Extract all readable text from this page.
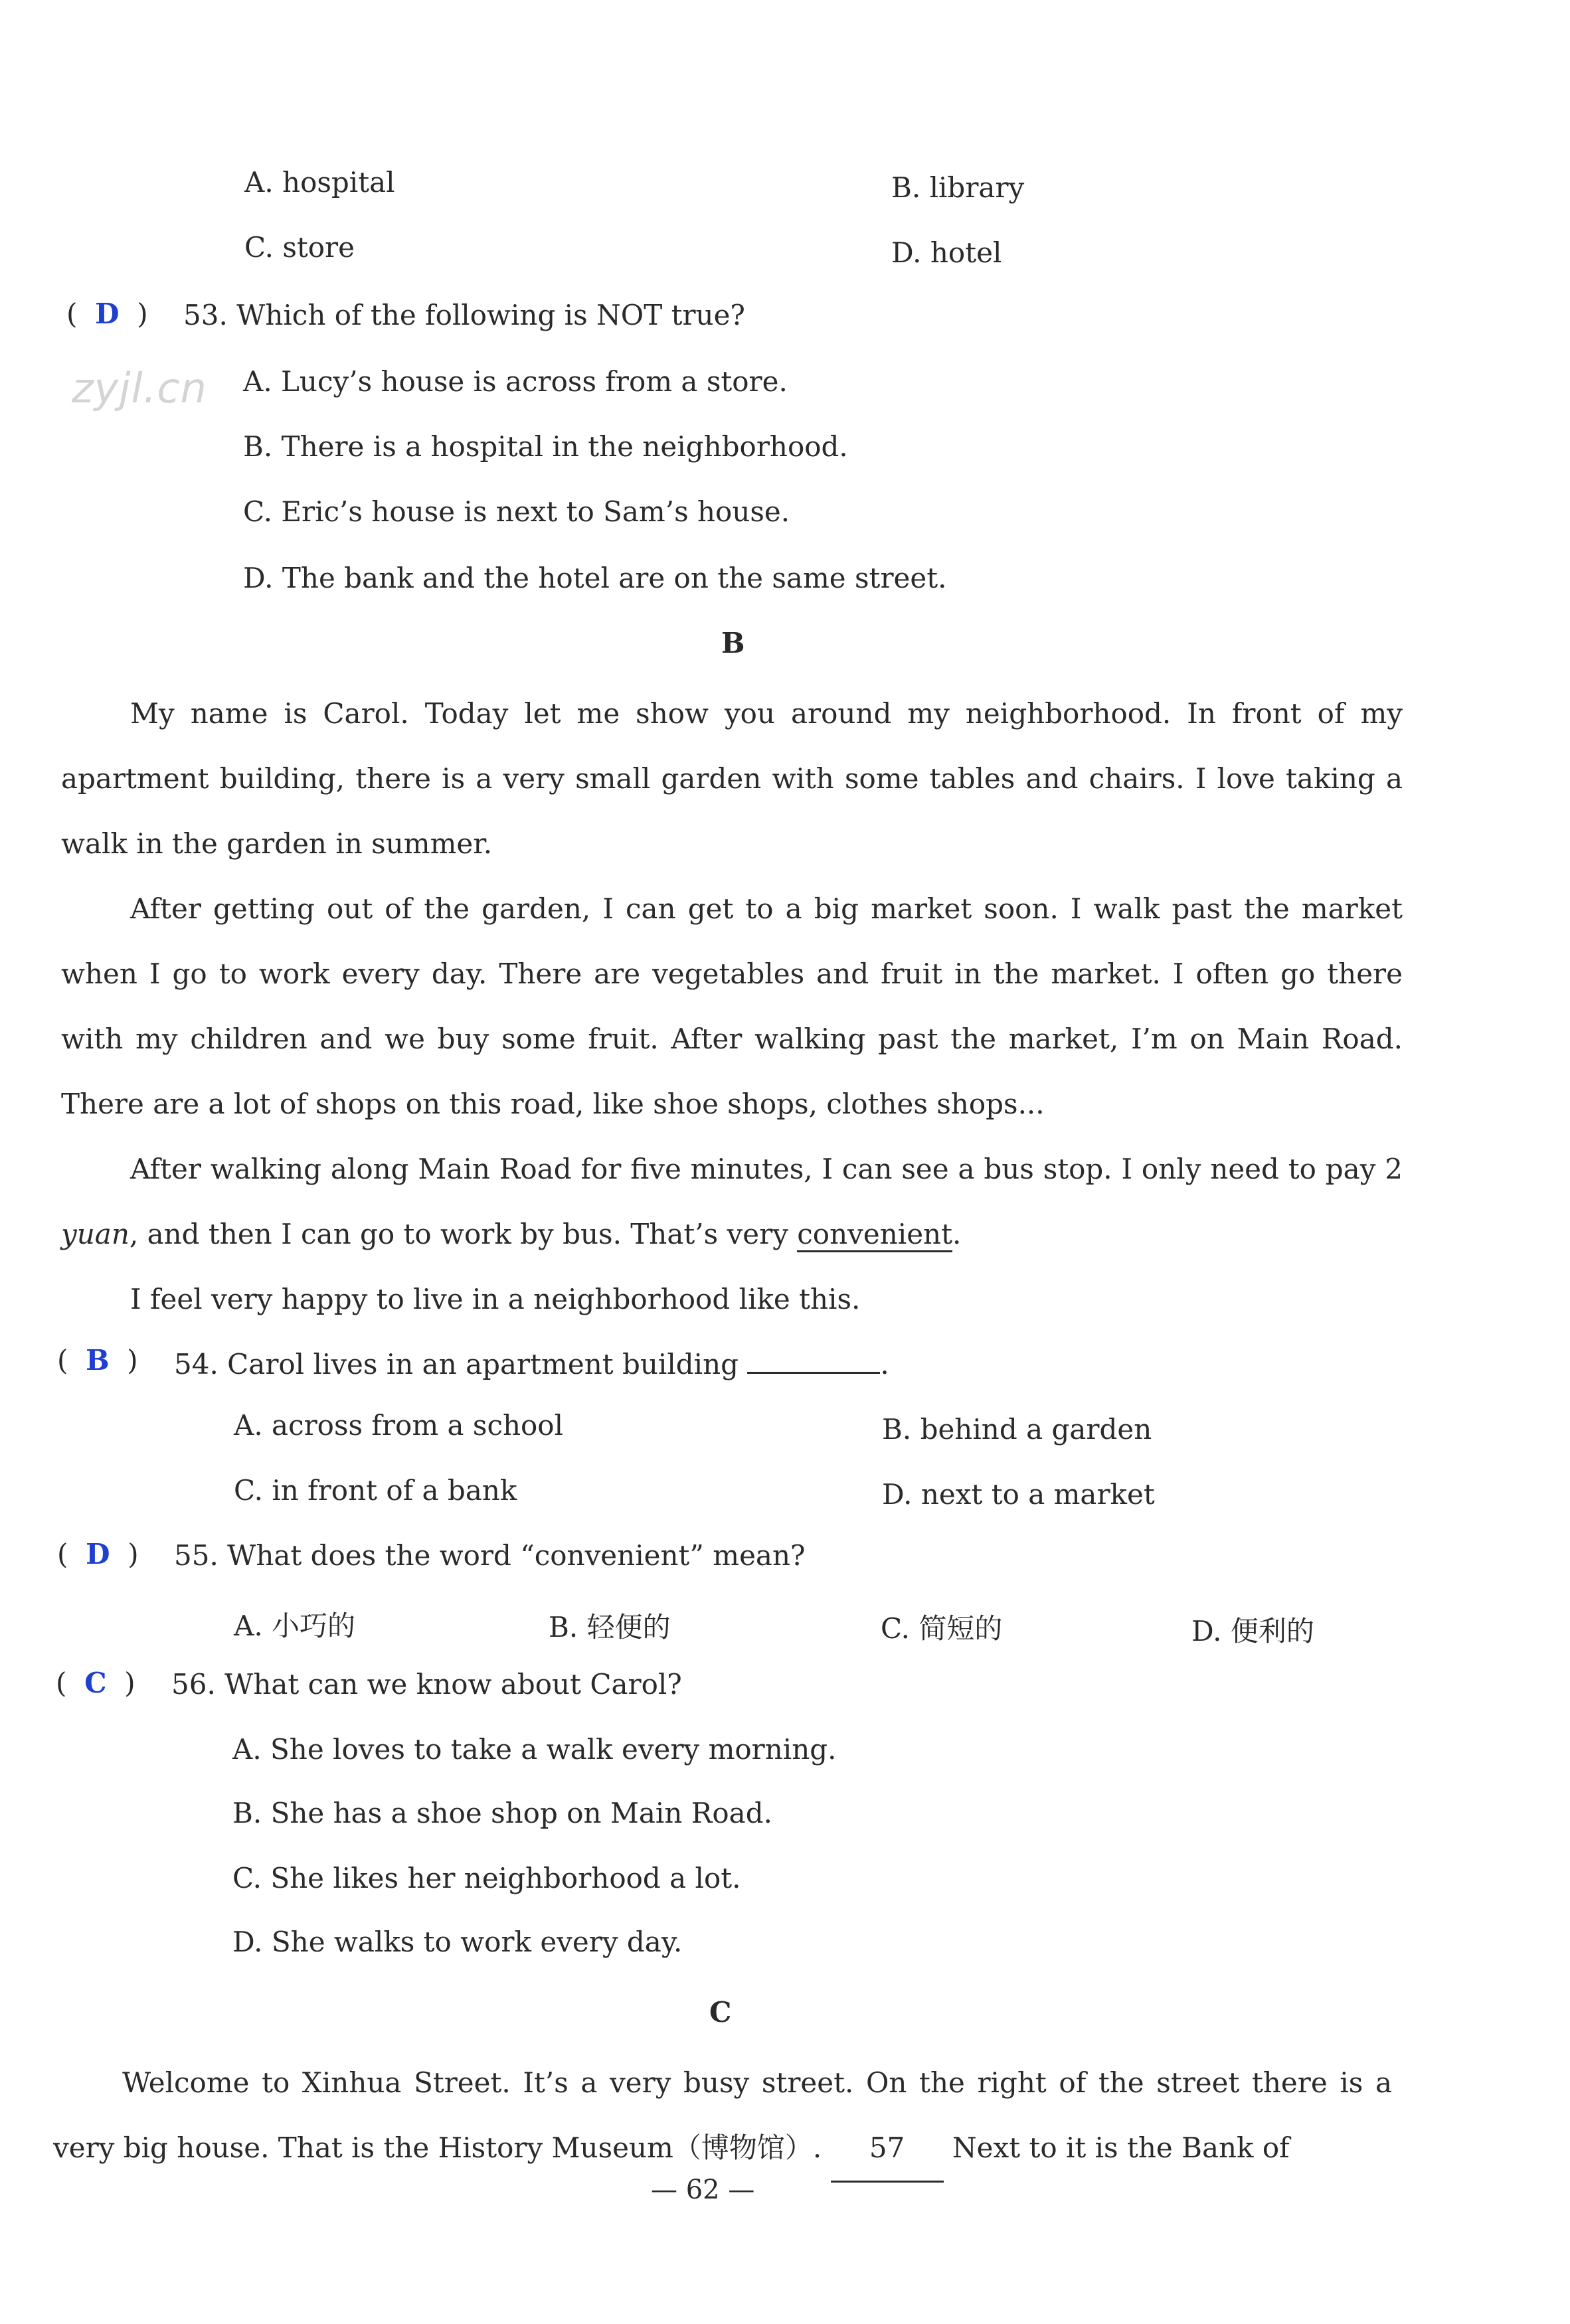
A. hospital	B. library
C. store	D. hotel
( D ) 53. Which of the following is NOT true?
zyjl.cn A. Lucy’s house is across from a store.
B. There is a hospital in the neighborhood.
C. Eric’s house is next to Sam’s house.
D. The bank and the hotel are on the same street.
B
My name is Carol. Today let me show you around my neighborhood. In front of my apartment building, there is a very small garden with some tables and chairs. I love taking a walk in the garden in summer.
After getting out of the garden, I can get to a big market soon. I walk past the market when I go to work every day. There are vegetables and fruit in the market. I often go there with my children and we buy some fruit. After walking past the market, I’m on Main Road. There are a lot of shops on this road, like shoe shops, clothes shops...
After walking along Main Road for five minutes, I can see a bus stop. I only need to pay 2 yuan, and then I can go to work by bus. That’s very convenient.
I feel very happy to live in a neighborhood like this.
( B ) 54. Carol lives in an apartment building	.
A. across from a school	B. behind a garden
C. in front of a bank	D. next to a market
( D ) 55. What does the word “convenient” mean?
A. 小巧的	B. 轻便的	C. 简短的	D. 便利的
( C ) 56. What can we know about Carol?
A. She loves to take a walk every morning.
B. She has a shoe shop on Main Road.
C. She likes her neighborhood a lot.
D. She walks to work every day.
C
Welcome to Xinhua Street. It’s a very busy street. On the right of the street there is a very big house. That is the History Museum（博物馆）. 57 Next to it is the Bank of
— 62 —
